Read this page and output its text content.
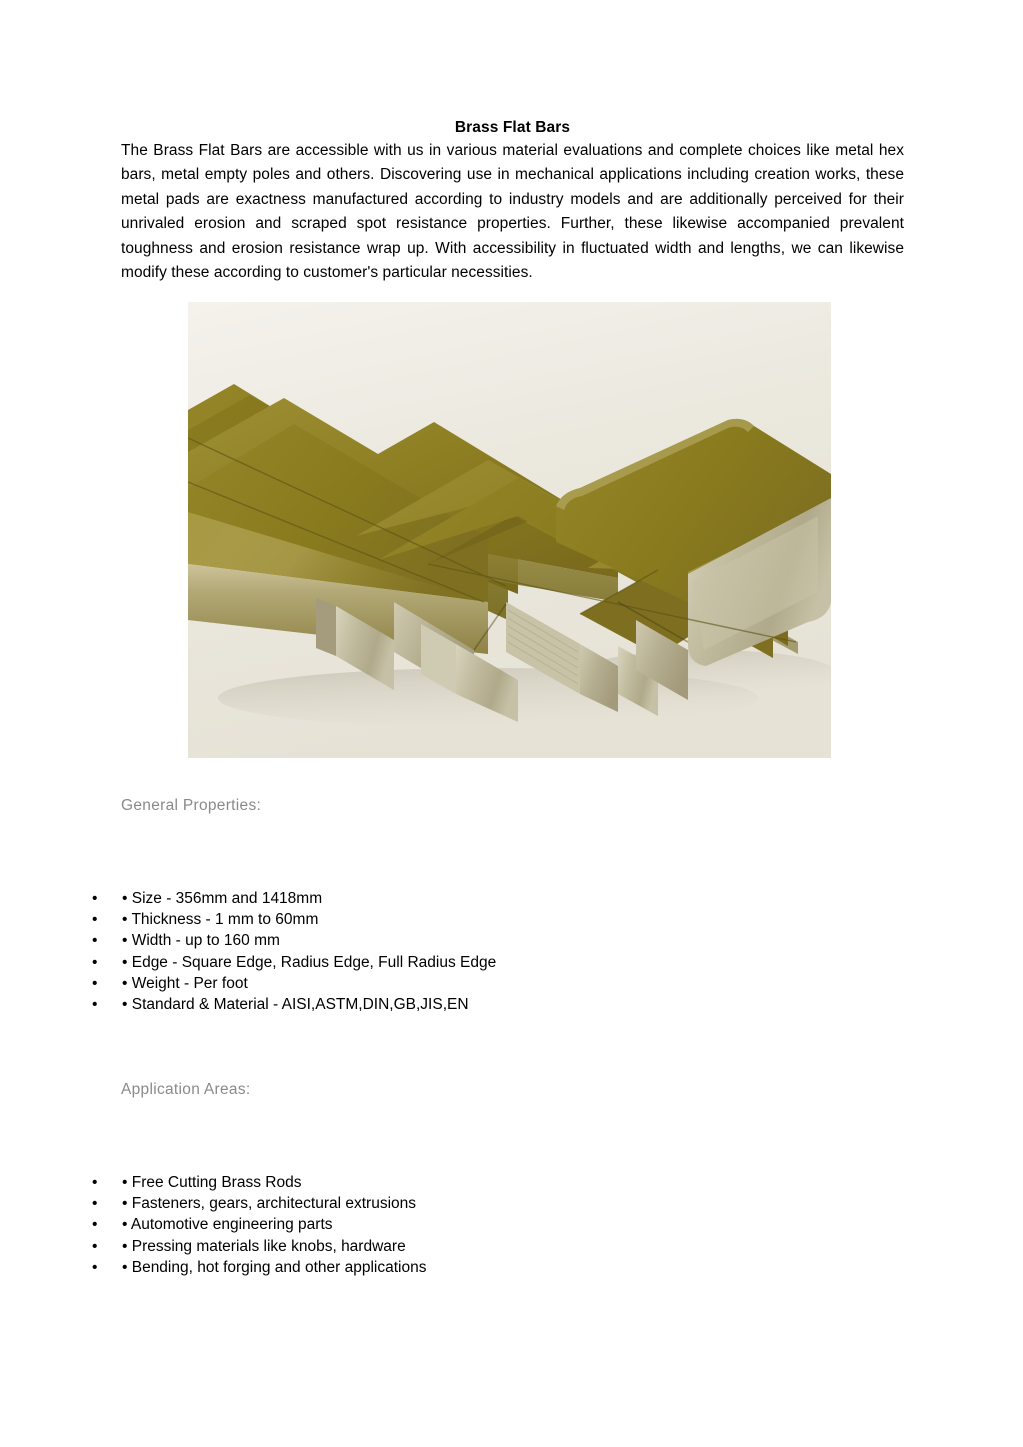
Brass Flat Bars

The Brass Flat Bars are accessible with us in various material evaluations and complete choices like metal hex bars, metal empty poles and others. Discovering use in mechanical applications including creation works, these metal pads are exactness manufactured according to industry models and are additionally perceived for their unrivaled erosion and scraped spot resistance properties. Further, these likewise accompanied prevalent toughness and erosion resistance wrap up. With accessibility in fluctuated width and lengths, we can likewise modify these according to customer's particular necessities.

General Properties:
• • Size - 356mm and 1418mm
• • Thickness - 1 mm to 60mm
• • Width - up to 160 mm
• • Edge - Square Edge, Radius Edge, Full Radius Edge
• • Weight - Per foot
• • Standard & Material - AISI,ASTM,DIN,GB,JIS,EN
Application Areas:
• • Free Cutting Brass Rods
• • Fasteners, gears, architectural extrusions
• • Automotive engineering parts
• • Pressing materials like knobs, hardware
• • Bending, hot forging and other applications
